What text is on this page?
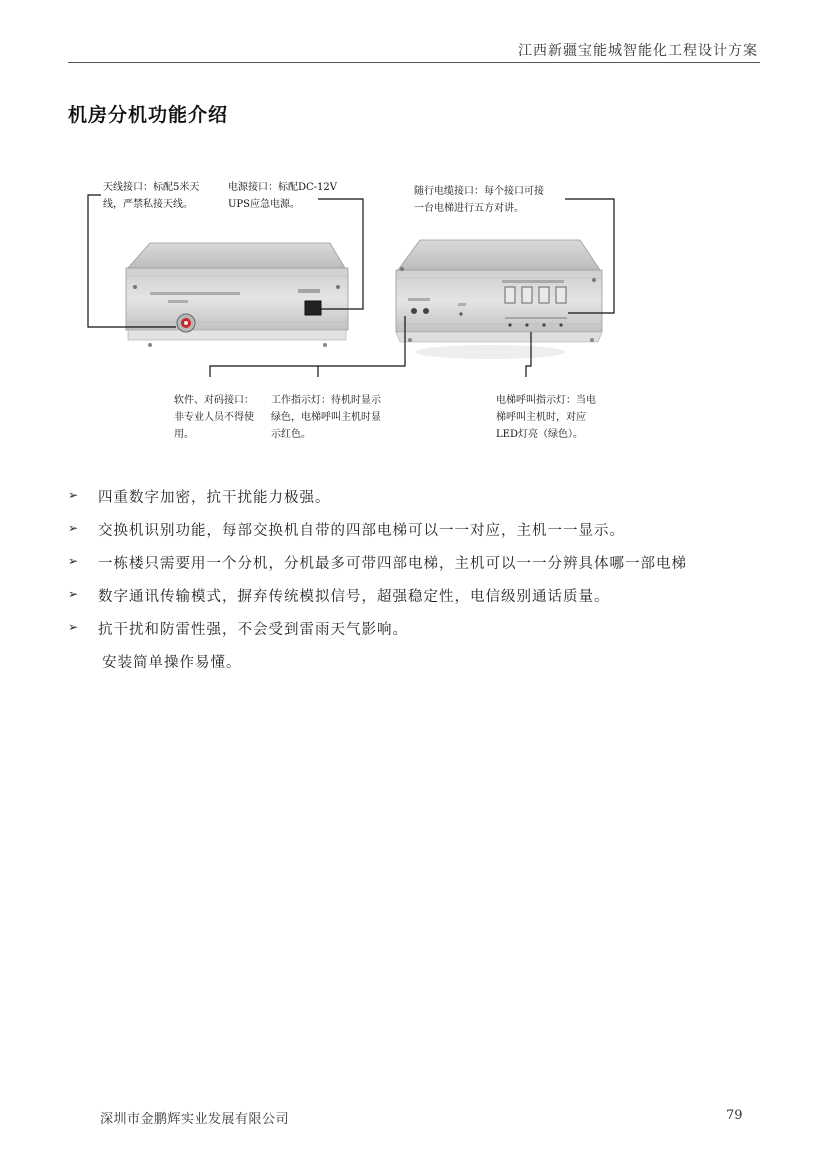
江西新疆宝能城智能化工程设计方案
机房分机功能介绍
天线接口：标配5米天
线，严禁私接天线。
电源接口：标配DC-12V
UPS应急电源。
随行电缆接口：每个接口可接
一台电梯进行五方对讲。
软件、对码接口：
非专业人员不得使
用。
工作指示灯：待机时显示
绿色，电梯呼叫主机时显
示红色。
电梯呼叫指示灯：当电
梯呼叫主机时，对应
LED灯亮（绿色）。
➢	四重数字加密，抗干扰能力极强。
➢	交换机识别功能，每部交换机自带的四部电梯可以一一对应，主机一一显示。
➢	一栋楼只需要用一个分机，分机最多可带四部电梯，主机可以一一分辨具体哪一部电梯
➢	数字通讯传输模式，摒弃传统模拟信号，超强稳定性，电信级别通话质量。
➢	抗干扰和防雷性强，不会受到雷雨天气影响。
安装简单操作易懂。
深圳市金鹏辉实业发展有限公司	79
